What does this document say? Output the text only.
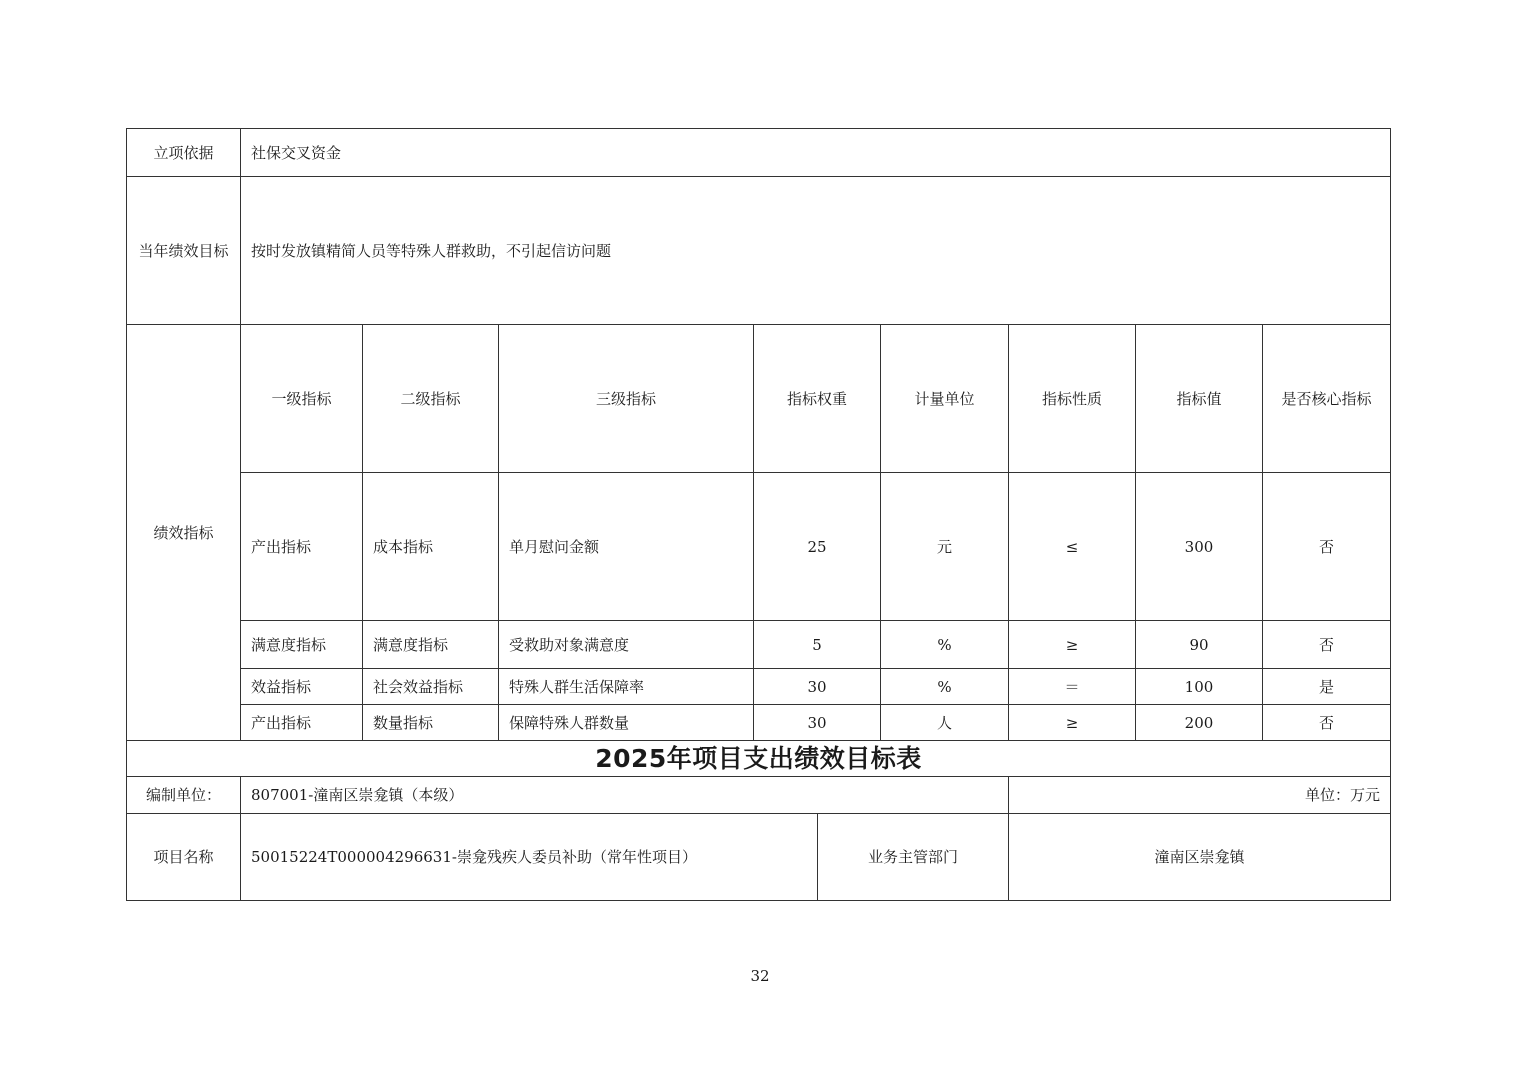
立项依据	社保交叉资金								
当年绩效目标	按时发放镇精简人员等特殊人群救助，不引起信访问题								
绩效指标	一级指标	二级指标	三级指标	指标权重		计量单位	指标性质	指标值	是否核心指标
	产出指标	成本指标	单月慰问金额	25		元	≤	300	否
	满意度指标	满意度指标	受救助对象满意度	5		%	≥	90	否
	效益指标	社会效益指标	特殊人群生活保障率	30		%	＝	100	是
	产出指标	数量指标	保障特殊人群数量	30		人	≥	200	否
2025年项目支出绩效目标表									
编制单位：	807001-潼南区崇龛镇（本级）						单位：万元		
项目名称	50015224T000004296631-崇龛残疾人委员补助（常年性项目）				业务主管部门		潼南区崇龛镇		
32
